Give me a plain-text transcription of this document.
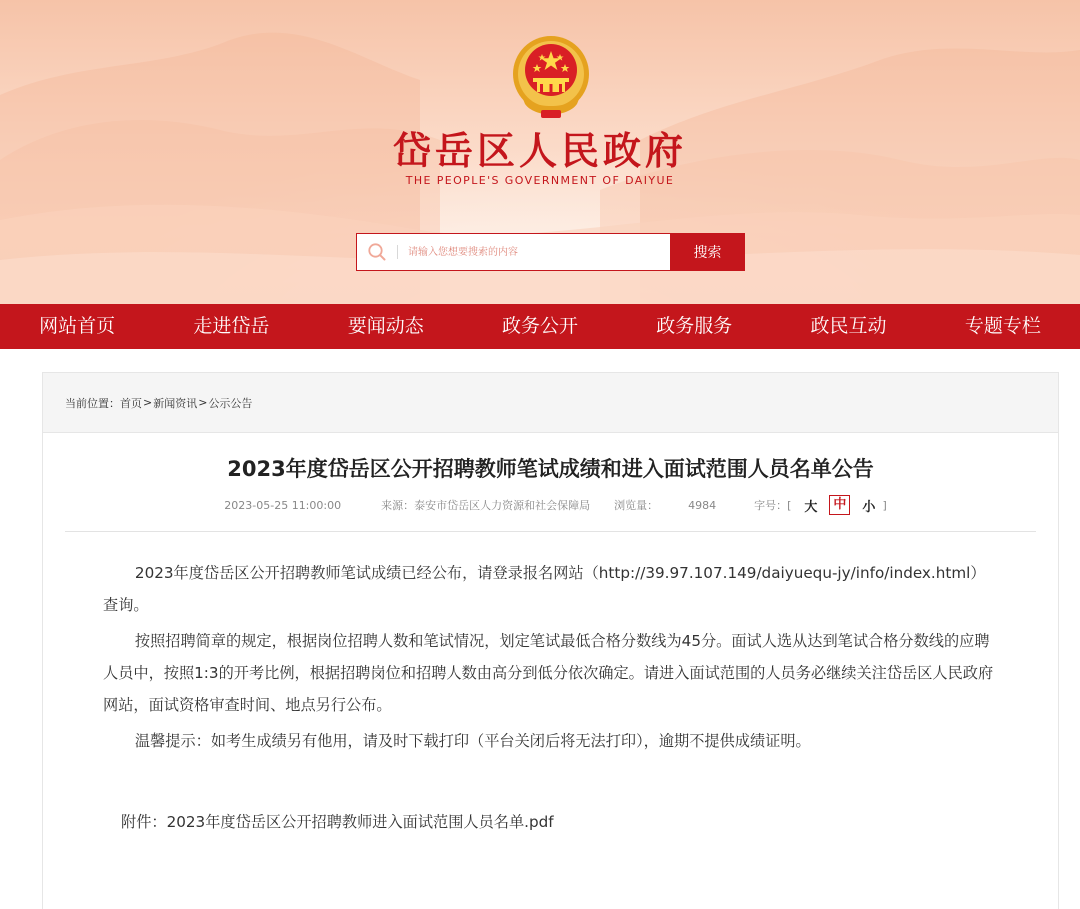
岱岳区人民政府
THE PEOPLE'S GOVERNMENT OF DAIYUE
请输入您想要搜索的内容
搜索
网站首页	走进岱岳	要闻动态	政务公开	政务服务	政民互动	专题专栏
当前位置： 首页 > 新闻资讯 > 公示公告
2023年度岱岳区公开招聘教师笔试成绩和进入面试范围人员名单公告
2023-05-25 11:00:00	来源： 泰安市岱岳区人力资源和社会保障局 浏览量：	4984	字号：[ 大	中	小 ]

2023年度岱岳区公开招聘教师笔试成绩已经公布，请登录报名网站（http://39.97.107.149/daiyuequ-jy/info/index.html）查询。

按照招聘简章的规定，根据岗位招聘人数和笔试情况，划定笔试最低合格分数线为45分。面试人选从达到笔试合格分数线的应聘人员中，按照1:3的开考比例，根据招聘岗位和招聘人数由高分到低分依次确定。请进入面试范围的人员务必继续关注岱岳区人民政府网站，面试资格审查时间、地点另行公布。

温馨提示：如考生成绩另有他用，请及时下载打印（平台关闭后将无法打印），逾期不提供成绩证明。

附件：2023年度岱岳区公开招聘教师进入面试范围人员名单.pdf
